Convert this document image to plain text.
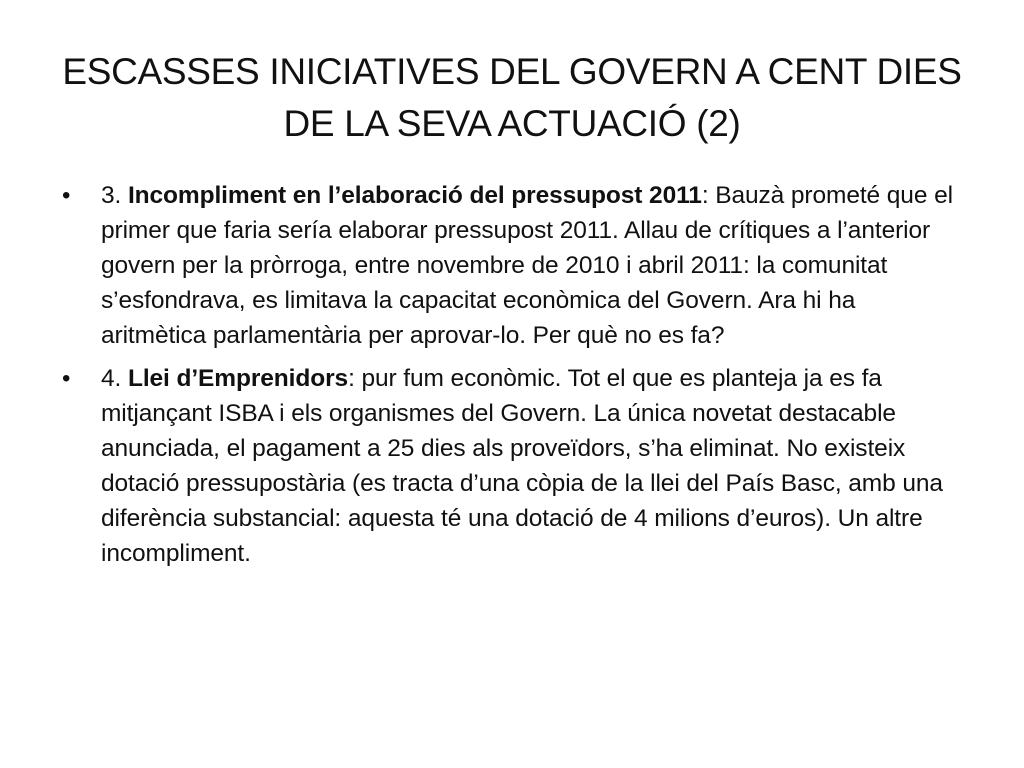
ESCASSES INICIATIVES DEL GOVERN A CENT DIES
DE LA SEVA ACTUACIÓ (2)
• 3. Incompliment en l’elaboració del pressupost 2011: Bauzà prometé que el primer que faria sería elaborar pressupost 2011. Allau de crítiques a l’anterior govern per la pròrroga, entre novembre de 2010 i abril 2011: la comunitat s’esfondrava, es limitava la capacitat econòmica del Govern. Ara hi ha aritmètica parlamentària per aprovar-lo. Per què no es fa?
• 4. Llei d’Emprenidors: pur fum econòmic. Tot el que es planteja ja es fa mitjançant ISBA i els organismes del Govern. La única novetat destacable anunciada, el pagament a 25 dies als proveïdors, s’ha eliminat. No existeix dotació pressupostària (es tracta d’una còpia de la llei del País Basc, amb una diferència substancial: aquesta té una dotació de 4 milions d’euros). Un altre incompliment.
